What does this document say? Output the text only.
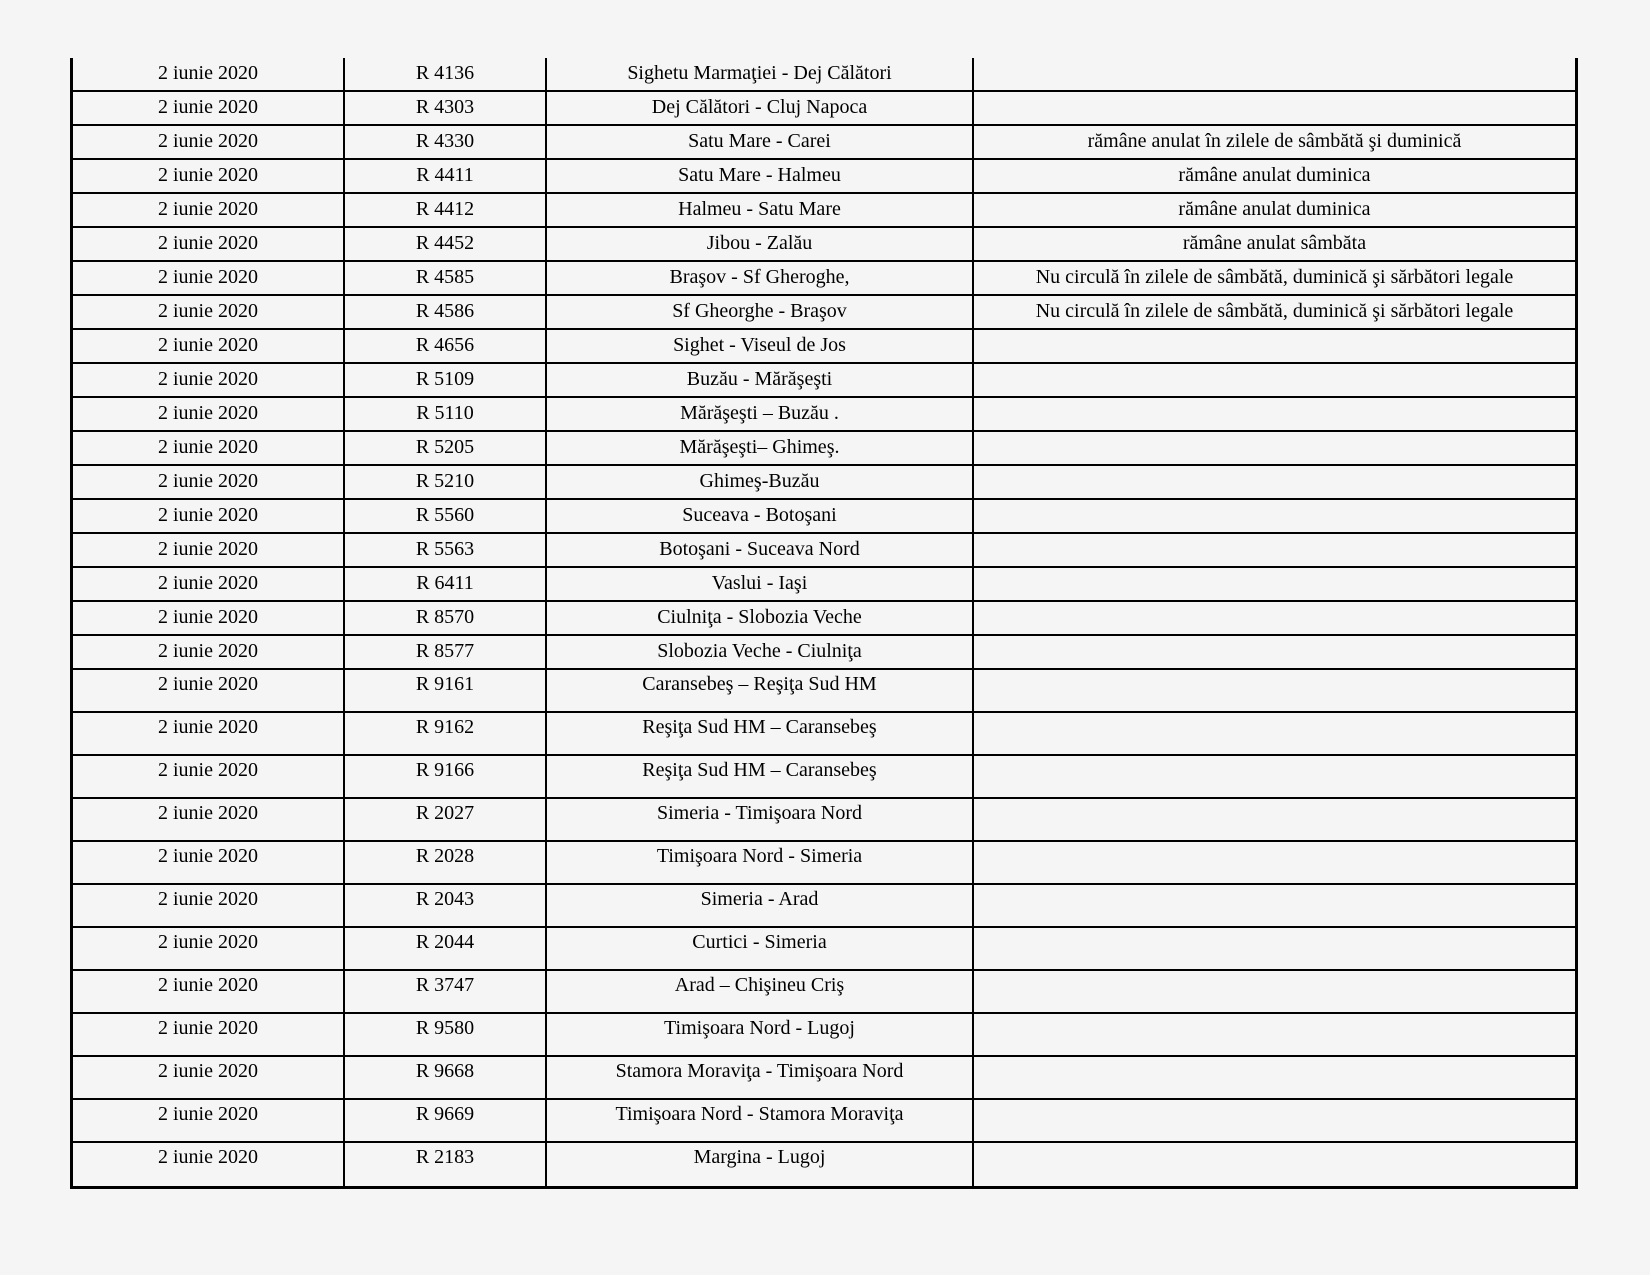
2 iunie 2020	R 4136	Sighetu Marmaţiei - Dej Călători
2 iunie 2020	R 4303	Dej Călători - Cluj Napoca
2 iunie 2020	R 4330	Satu Mare - Carei	rămâne anulat în zilele de sâmbătă şi duminică
2 iunie 2020	R 4411	Satu Mare - Halmeu	rămâne anulat duminica
2 iunie 2020	R 4412	Halmeu - Satu Mare	rămâne anulat duminica
2 iunie 2020	R 4452	Jibou - Zalău	rămâne anulat sâmbăta
2 iunie 2020	R 4585	Braşov - Sf Gheroghe,	Nu circulă în zilele de sâmbătă, duminică şi sărbători legale
2 iunie 2020	R 4586	Sf Gheorghe - Braşov	Nu circulă în zilele de sâmbătă, duminică şi sărbători legale
2 iunie 2020	R 4656	Sighet - Viseul de Jos
2 iunie 2020	R 5109	Buzău - Mărăşeşti
2 iunie 2020	R 5110	Mărăşeşti – Buzău .
2 iunie 2020	R 5205	Mărăşeşti– Ghimeş.
2 iunie 2020	R 5210	Ghimeş-Buzău
2 iunie 2020	R 5560	Suceava - Botoşani
2 iunie 2020	R 5563	Botoşani - Suceava Nord
2 iunie 2020	R 6411	Vaslui - Iaşi
2 iunie 2020	R 8570	Ciulniţa - Slobozia Veche
2 iunie 2020	R 8577	Slobozia Veche - Ciulniţa
2 iunie 2020	R 9161	Caransebeş – Reşiţa Sud HM
2 iunie 2020	R 9162	Reşiţa Sud HM – Caransebeş
2 iunie 2020	R 9166	Reşiţa Sud HM – Caransebeş
2 iunie 2020	R 2027	Simeria - Timişoara Nord
2 iunie 2020	R 2028	Timişoara Nord - Simeria
2 iunie 2020	R 2043	Simeria - Arad
2 iunie 2020	R 2044	Curtici - Simeria
2 iunie 2020	R 3747	Arad – Chişineu Criş
2 iunie 2020	R 9580	Timişoara Nord - Lugoj
2 iunie 2020	R 9668	Stamora Moraviţa - Timişoara Nord
2 iunie 2020	R 9669	Timişoara Nord - Stamora Moraviţa
2 iunie 2020	R 2183	Margina - Lugoj
